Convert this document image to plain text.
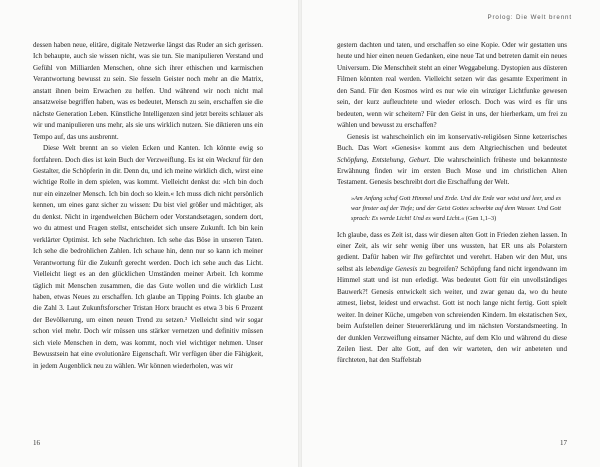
dessen haben neue, elitäre, digitale Netzwerke längst das Ruder an sich gerissen. Ich behaupte, auch sie wissen nicht, was sie tun. Sie manipulieren Verstand und Gefühl von Milliarden Menschen, ohne sich ihrer ethischen und karmischen Verantwortung bewusst zu sein. Sie fesseln Geister noch mehr an die Matrix, anstatt ihnen beim Erwachen zu helfen. Und während wir noch nicht mal ansatzweise begriffen haben, was es bedeutet, Mensch zu sein, erschaffen sie die nächste Generation Leben. Künstliche Intelligenzen sind jetzt bereits schlauer als wir und manipulieren uns mehr, als sie uns wirklich nutzen. Sie diktieren uns ein Tempo auf, das uns ausbrennt.

Diese Welt brennt an so vielen Ecken und Kanten. Ich könnte ewig so fortfahren. Doch dies ist kein Buch der Verzweiflung. Es ist ein Weckruf für den Gestalter, die Schöpferin in dir. Denn du, und ich meine wirklich dich, wirst eine wichtige Rolle in dem spielen, was kommt. Vielleicht denkst du: »Ich bin doch nur ein einzelner Mensch. Ich bin doch so klein.« Ich muss dich nicht persönlich kennen, um eines ganz sicher zu wissen: Du bist viel größer und mächtiger, als du denkst. Nicht in irgendwelchen Büchern oder Vorstandsetagen, sondern dort, wo du atmest und Fragen stellst, entscheidet sich unsere Zukunft. Ich bin kein verklärter Optimist. Ich sehe Nachrichten. Ich sehe das Böse in unseren Taten. Ich sehe die bedrohlichen Zahlen. Ich schaue hin, denn nur so kann ich meiner Verantwortung für die Zukunft gerecht werden. Doch ich sehe auch das Licht. Vielleicht liegt es an den glücklichen Umständen meiner Arbeit. Ich komme täglich mit Menschen zusammen, die das Gute wollen und die wirklich Lust haben, etwas Neues zu erschaffen. Ich glaube an Tipping Points. Ich glaube an die Zahl 3. Laut Zukunftsforscher Tristan Horx braucht es etwa 3 bis 6 Prozent der Bevölkerung, um einen neuen Trend zu setzen.³ Vielleicht sind wir sogar schon viel mehr. Doch wir müssen uns stärker vernetzen und definitiv müssen sich viele Menschen in dem, was kommt, noch viel wichtiger nehmen. Unser Bewusstsein hat eine evolutionäre Eigenschaft. Wir verfügen über die Fähigkeit, in jedem Augenblick neu zu wählen. Wir können wiederholen, was wir

16
Prolog: Die Welt brennt

gestern dachten und taten, und erschaffen so eine Kopie. Oder wir gestatten uns heute und hier einen neuen Gedanken, eine neue Tat und betreten damit ein neues Universum. Die Menschheit steht an einer Weggabelung. Dystopien aus düsteren Filmen könnten real werden. Vielleicht setzen wir das gesamte Experiment in den Sand. Für den Kosmos wird es nur wie ein winziger Lichtfunke gewesen sein, der kurz aufleuchtete und wieder erlosch. Doch was wird es für uns bedeuten, wenn wir scheitern? Für den Geist in uns, der hierherkam, um frei zu wählen und bewusst zu erschaffen?

Genesis ist wahrscheinlich ein im konservativ-religiösen Sinne ketzerisches Buch. Das Wort »Genesis« kommt aus dem Altgriechischen und bedeutet Schöpfung, Entstehung, Geburt. Die wahrscheinlich früheste und bekannteste Erwähnung finden wir im ersten Buch Mose und im christlichen Alten Testament. Genesis beschreibt dort die Erschaffung der Welt.

»Am Anfang schuf Gott Himmel und Erde. Und die Erde war wüst und leer, und es war finster auf der Tiefe; und der Geist Gottes schwebte auf dem Wasser. Und Gott sprach: Es werde Licht! Und es ward Licht.« (Gen 1,1–3)

Ich glaube, dass es Zeit ist, dass wir diesen alten Gott in Frieden ziehen lassen. In einer Zeit, als wir sehr wenig über uns wussten, hat ER uns als Polarstern gedient. Dafür haben wir Ihn gefürchtet und verehrt. Haben wir den Mut, uns selbst als lebendige Genesis zu begreifen? Schöpfung fand nicht irgendwann im Himmel statt und ist nun erledigt. Was bedeutet Gott für ein unvollständiges Bauwerk?! Genesis entwickelt sich weiter, und zwar genau da, wo du heute atmest, liebst, leidest und erwachst. Gott ist noch lange nicht fertig. Gott spielt weiter. In deiner Küche, umgeben von schreienden Kindern. Im ekstatischen Sex, beim Aufstellen deiner Steuererklärung und im nächsten Vorstandsmeeting. In der dunklen Verzweiflung einsamer Nächte, auf dem Klo und während du diese Zeilen liest. Der alte Gott, auf den wir warteten, den wir anbeteten und fürchteten, hat den Staffelstab

17
